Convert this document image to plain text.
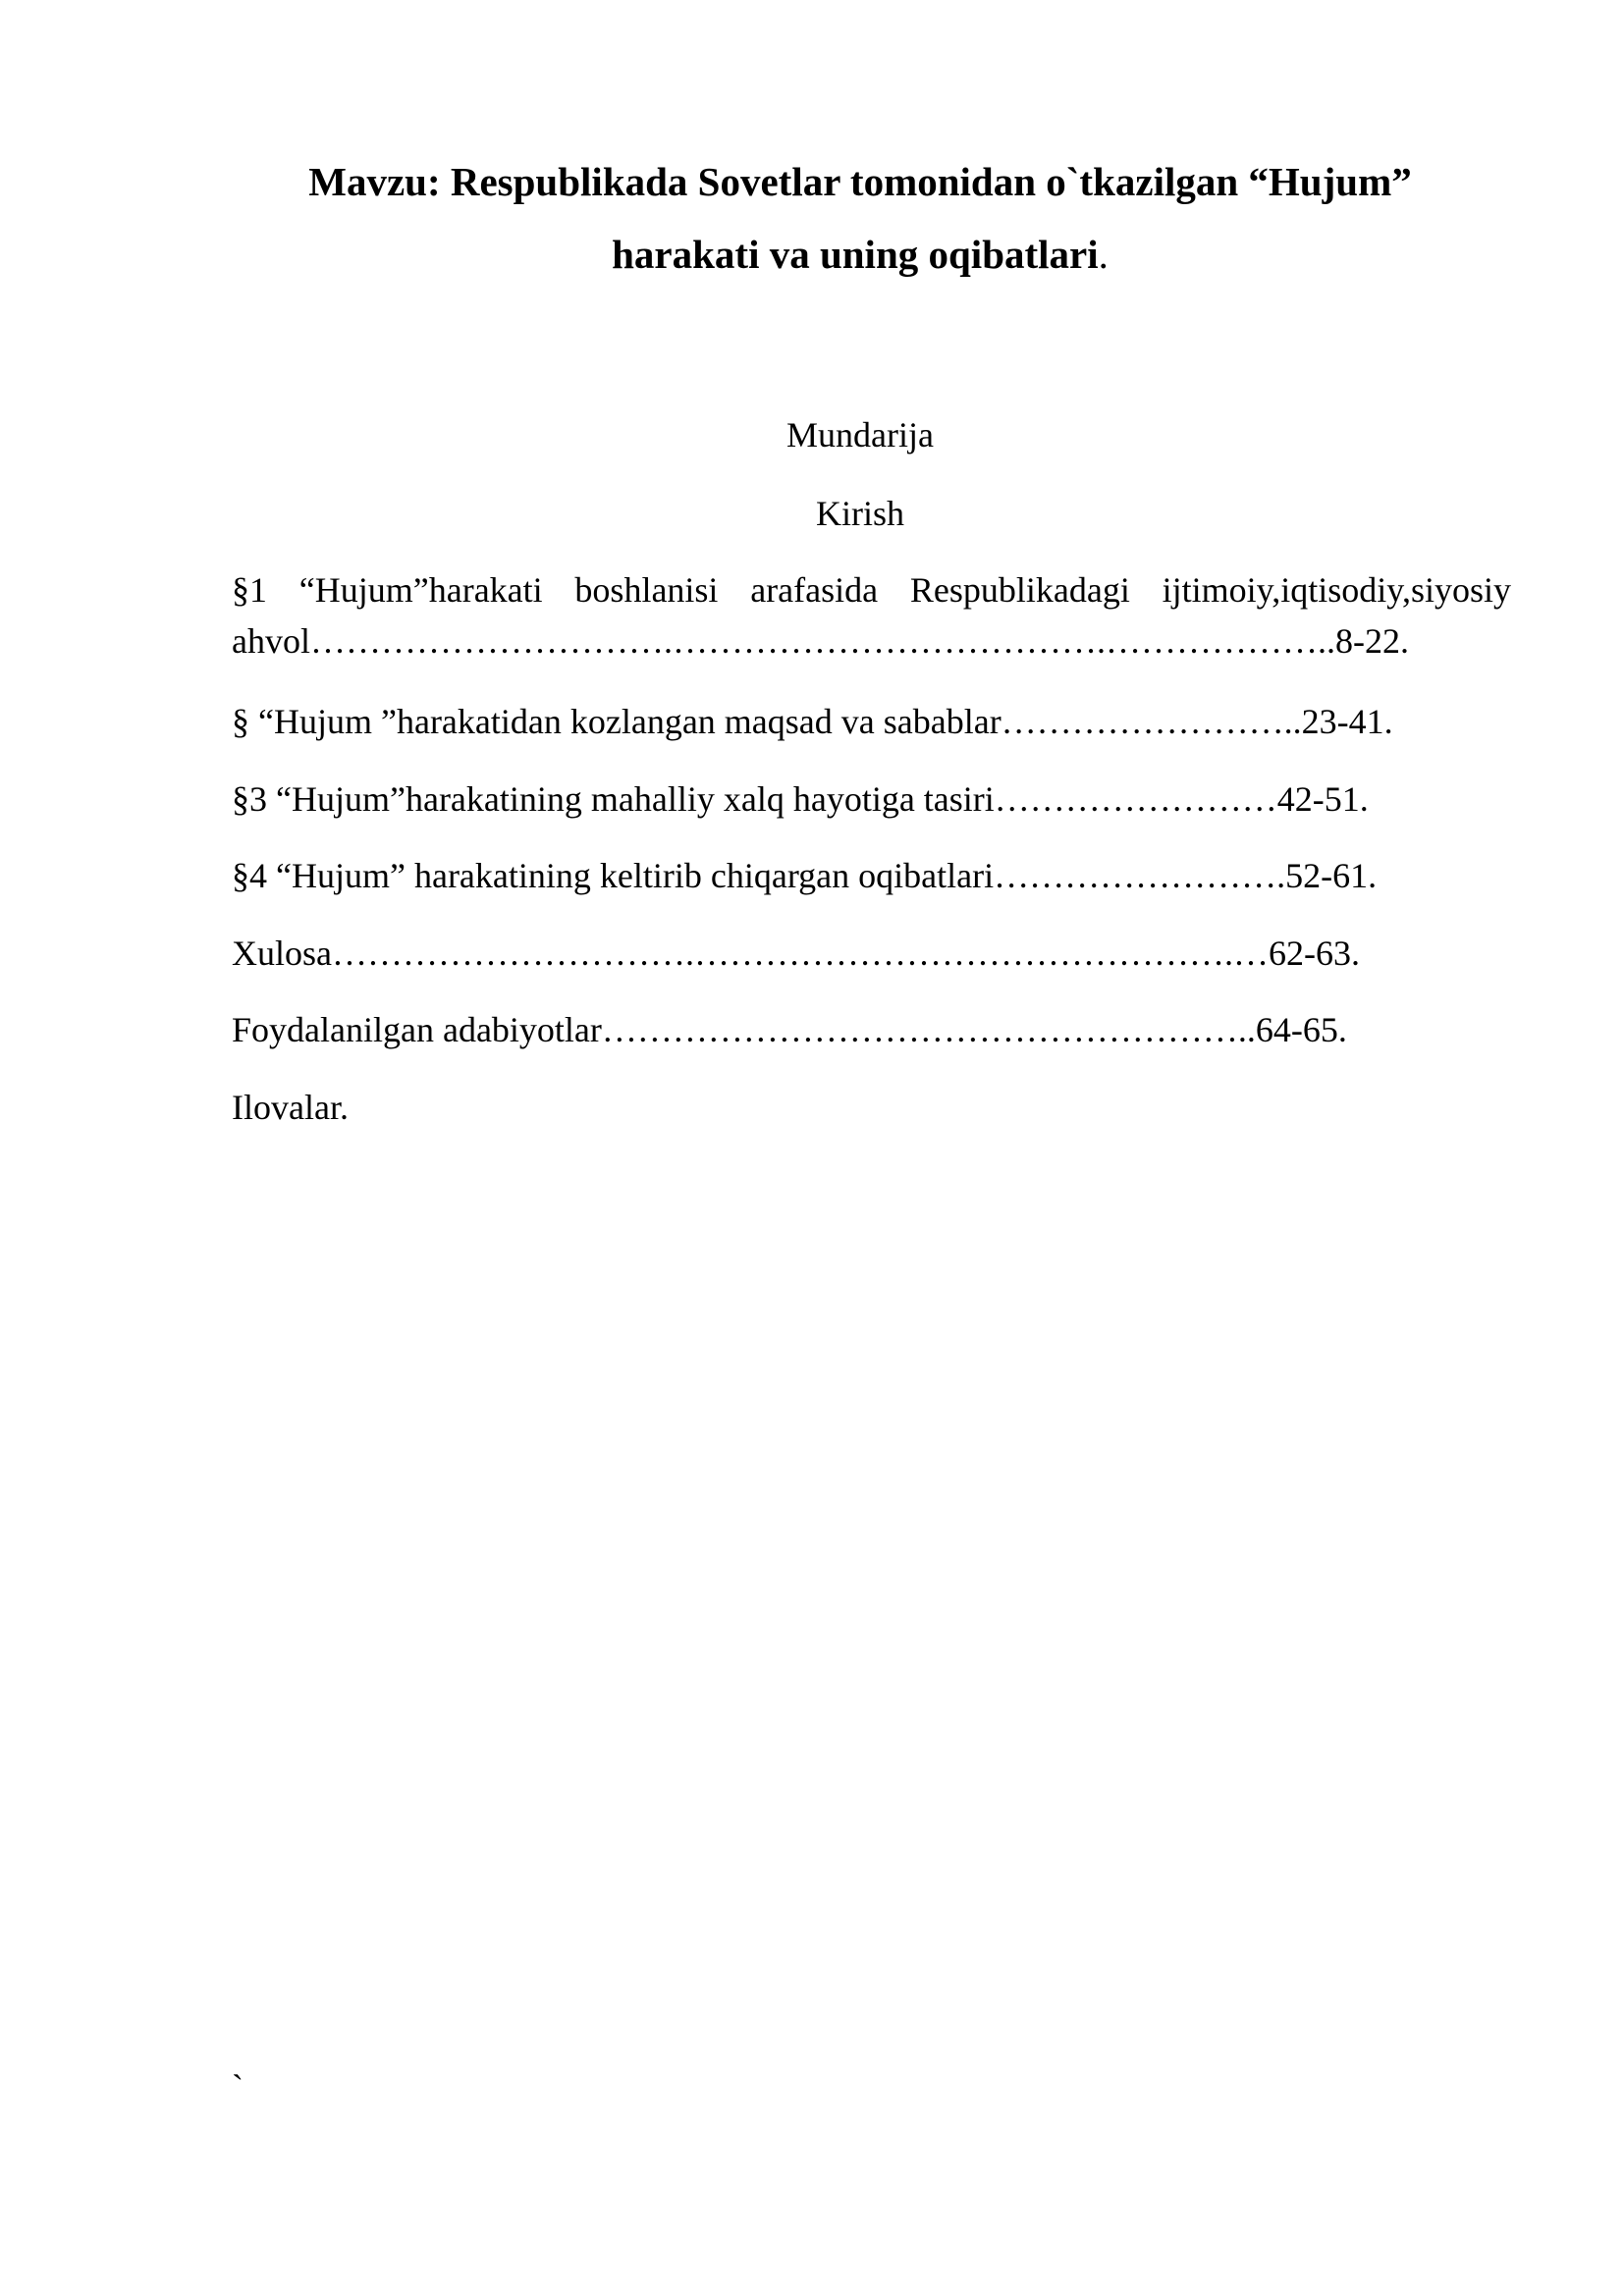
Mavzu: Respublikada Sovetlar tomonidan o`tkazilgan “Hujum”
harakati va uning oqibatlari.
Mundarija
Kirish
§1 “Hujum”harakati boshlanisi arafasida Respublikadagi ijtimoiy,iqtisodiy,siyosiy
ahvol………………………….……………………………….………………..8-22.
§ “Hujum ”harakatidan kozlangan maqsad va sabablar……………………..23-41.
§3 “Hujum”harakatining mahalliy xalq hayotiga tasiri……………………42-51.
§4 “Hujum” harakatining keltirib chiqargan oqibatlari…………………….52-61.
Xulosa………………………….……………………………………….…62-63.
Foydalanilgan adabiyotlar………………………………………………..64-65.
Ilovalar.
`
